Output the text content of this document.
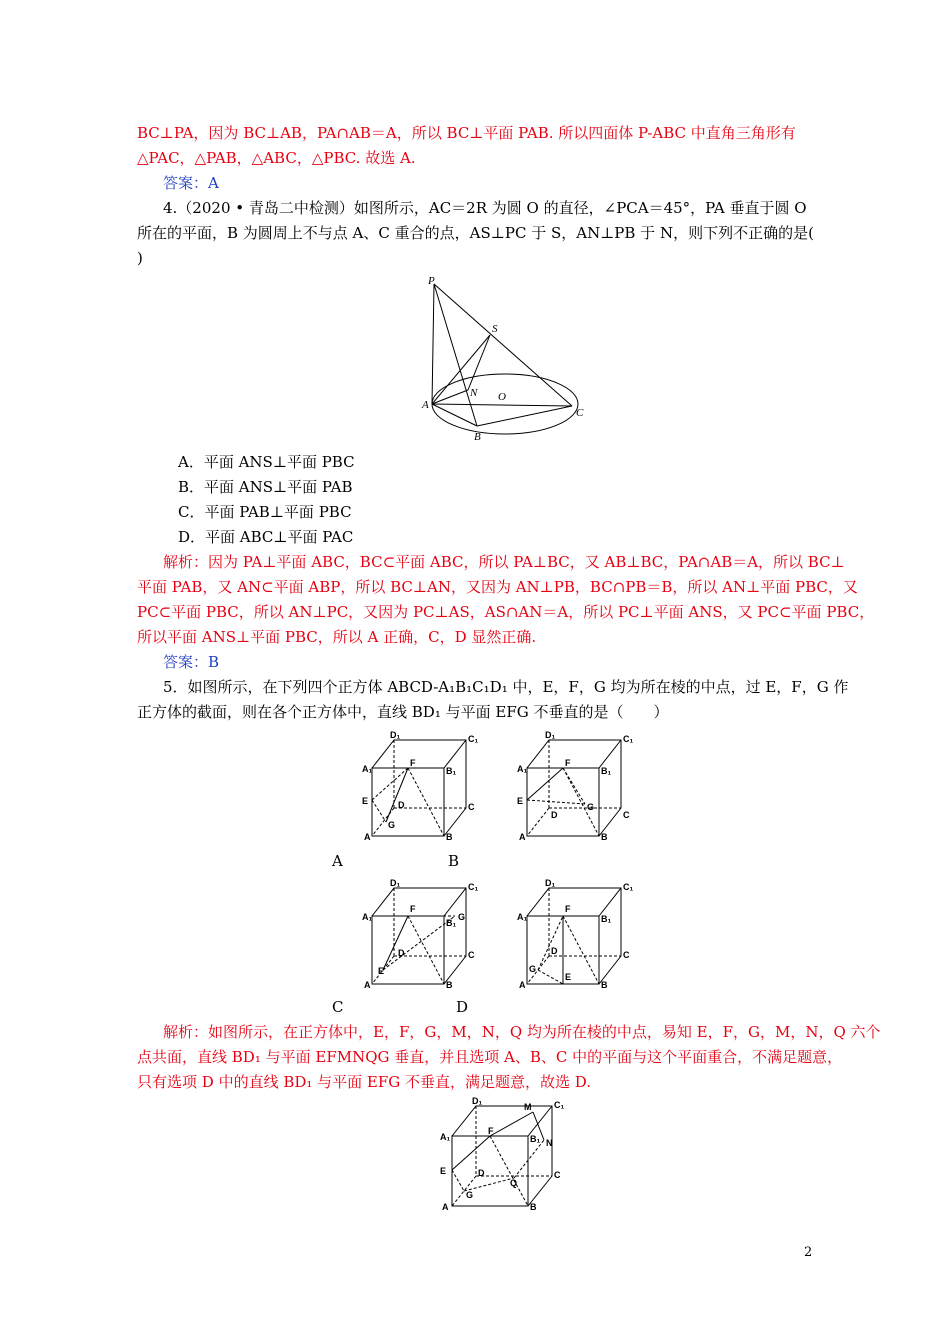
BC⊥PA，因为 BC⊥AB，PA∩AB＝A，所以 BC⊥平面 PAB. 所以四面体 P-ABC 中直角三角形有
△PAC，△PAB，△ABC，△PBC. 故选 A.
答案：A
4.（2020 • 青岛二中检测）如图所示，AC＝2R 为圆 O 的直径，∠PCA＝45°，PA 垂直于圆 O
所在的平面，B 为圆周上不与点 A、C 重合的点，AS⊥PC 于 S，AN⊥PB 于 N，则下列不正确的是(
)
P
S
N O
A
C
B
A．平面 ANS⊥平面 PBC
B．平面 ANS⊥平面 PAB
C．平面 PAB⊥平面 PBC
D．平面 ABC⊥平面 PAC
解析：因为 PA⊥平面 ABC，BC⊂平面 ABC，所以 PA⊥BC，又 AB⊥BC，PA∩AB＝A，所以 BC⊥
平面 PAB，又 AN⊂平面 ABP，所以 BC⊥AN，又因为 AN⊥PB，BC∩PB＝B，所以 AN⊥平面 PBC，又
PC⊂平面 PBC，所以 AN⊥PC，又因为 PC⊥AS，AS∩AN＝A，所以 PC⊥平面 ANS，又 PC⊂平面 PBC，
所以平面 ANS⊥平面 PBC，所以 A 正确，C，D 显然正确.
答案：B
5．如图所示，在下列四个正方体 ABCD-A₁B₁C₁D₁ 中，E，F，G 均为所在棱的中点，过 E，F，G 作
正方体的截面，则在各个正方体中，直线 BD₁ 与平面 EFG 不垂直的是（　　）
D₁	C₁
A₁	B₁
F
E	D	C
G
A	B
D₁	C₁
A₁	B₁
F
E
D	C
G
A	B
A	B
D₁	C₁
A₁
B₁
F
E
D	C
G
A	B
D₁	C₁
A₁	B₁
F
E
D	C
G
A	B
C	D
解析：如图所示，在正方体中，E，F，G，M，N，Q 均为所在棱的中点，易知 E，F，G，M，N，Q 六个
点共面，直线 BD₁ 与平面 EFMNQG 垂直，并且选项 A、B、C 中的平面与这个平面重合，不满足题意，
只有选项 D 中的直线 BD₁ 与平面 EFG 不垂直，满足题意，故选 D.
D₁	C₁
A₁	B₁
F
E	D	C
G
A	B
M
N
Q
2
